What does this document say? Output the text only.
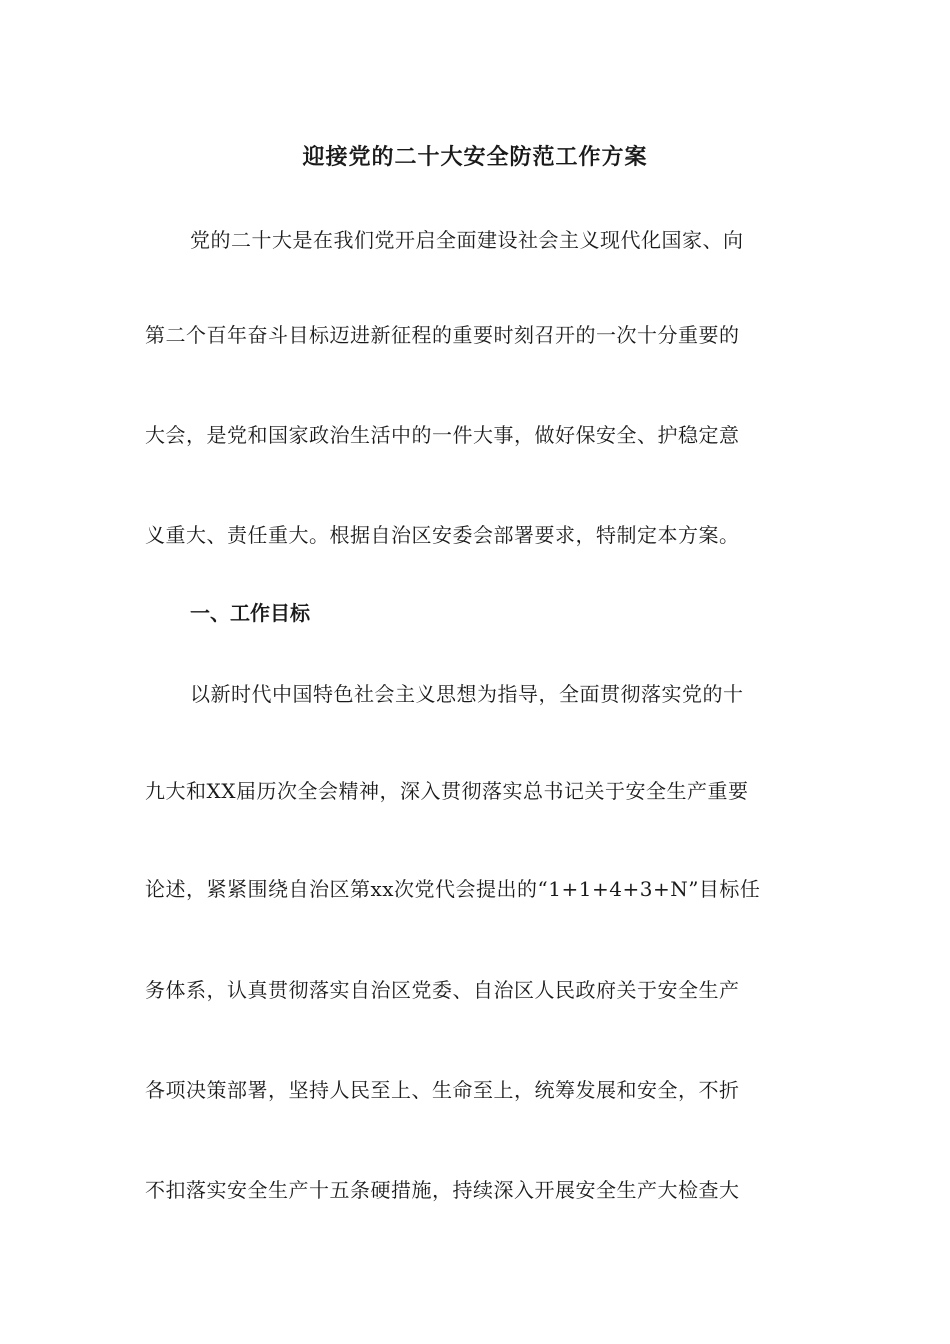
迎接党的二十大安全防范工作方案
党的二十大是在我们党开启全面建设社会主义现代化国家、向
第二个百年奋斗目标迈进新征程的重要时刻召开的一次十分重要的
大会，是党和国家政治生活中的一件大事，做好保安全、护稳定意
义重大、责任重大。根据自治区安委会部署要求，特制定本方案。
一、工作目标
以新时代中国特色社会主义思想为指导，全面贯彻落实党的十
九大和XX届历次全会精神，深入贯彻落实总书记关于安全生产重要
论述，紧紧围绕自治区第xx次党代会提出的“1+1+4+3+N”目标任
务体系，认真贯彻落实自治区党委、自治区人民政府关于安全生产
各项决策部署，坚持人民至上、生命至上，统筹发展和安全，不折
不扣落实安全生产十五条硬措施，持续深入开展安全生产大检查大
